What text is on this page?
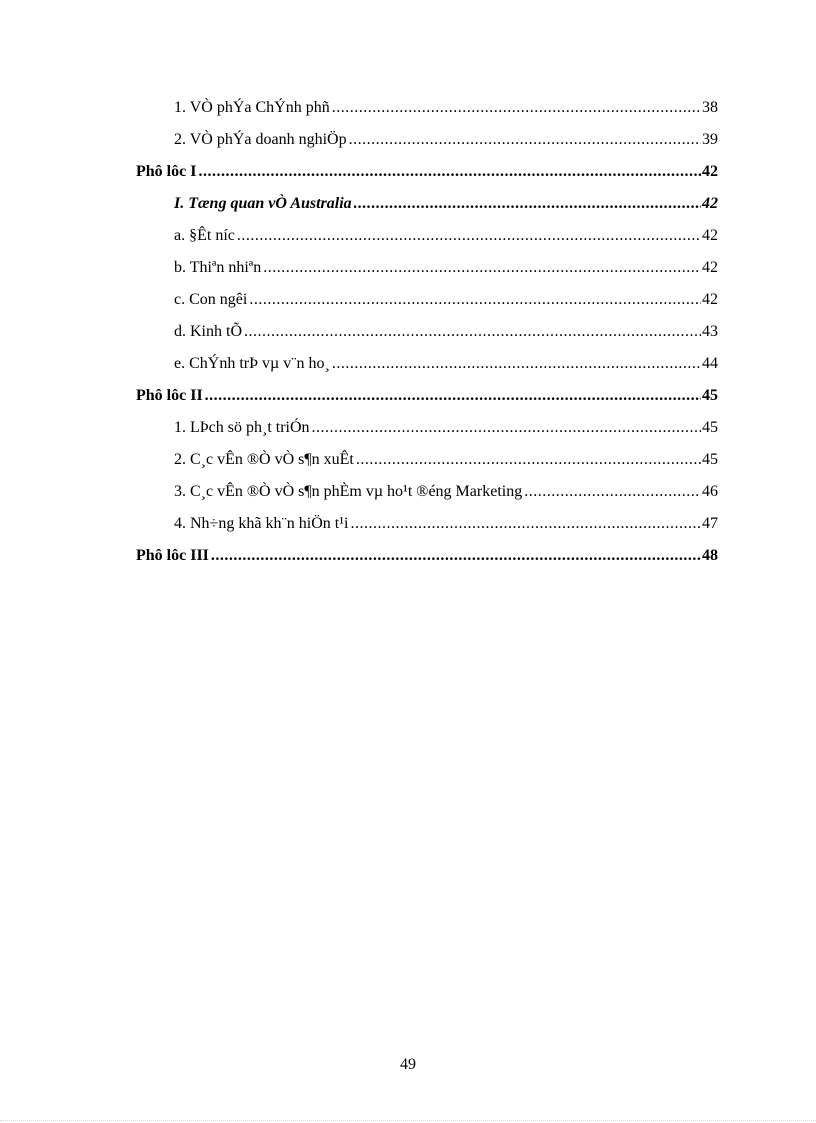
1. VÒ phÝa ChÝnh phñ .....	38
2. VÒ phÝa doanh nghiÖp .....	39
Phô lôc I .....	42
I. Tæng quan vÒ Australia .....	42
a. §Êt níc .....	42
b. Thiªn nhiªn .....	42
c. Con ngêi .....	42
d. Kinh tÕ .....	43
e. ChÝnh trÞ vµ v¨n ho¸ .....	44
Phô lôc II .....	45
1. LÞch sö ph¸t triÓn .....	45
2. C¸c vÊn ®Ò vÒ s¶n xuÊt .....	45
3. C¸c vÊn ®Ò vÒ s¶n phÈm vµ ho¹t ®éng Marketing .....	46
4. Nh÷ng khã kh¨n hiÖn t¹i .....	47
Phô lôc III .....	48
49
